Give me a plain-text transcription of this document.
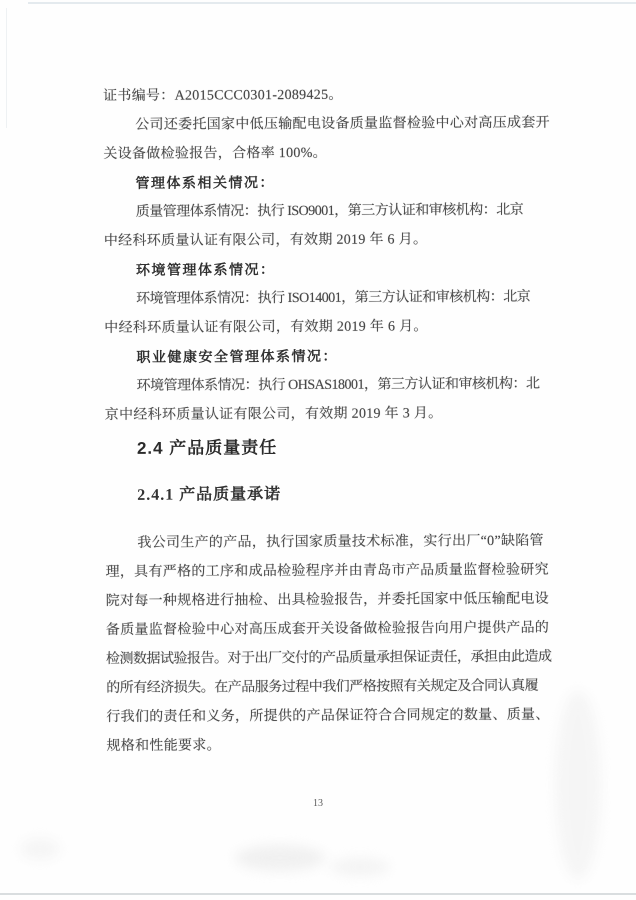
证书编号：A2015CCC0301-2089425。
公司还委托国家中低压输配电设备质量监督检验中心对高压成套开
关设备做检验报告，合格率 100%。
管理体系相关情况：
质量管理体系情况：执行 ISO9001，第三方认证和审核机构：北京
中经科环质量认证有限公司，有效期 2019 年 6 月。
环境管理体系情况：
环境管理体系情况：执行 ISO14001，第三方认证和审核机构：北京
中经科环质量认证有限公司，有效期 2019 年 6 月。
职业健康安全管理体系情况：
环境管理体系情况：执行 OHSAS18001，第三方认证和审核机构：北
京中经科环质量认证有限公司，有效期 2019 年 3 月。
2.4 产品质量责任
2.4.1 产品质量承诺
我公司生产的产品，执行国家质量技术标准，实行出厂“0”缺陷管
理，具有严格的工序和成品检验程序并由青岛市产品质量监督检验研究
院对每一种规格进行抽检、出具检验报告，并委托国家中低压输配电设
备质量监督检验中心对高压成套开关设备做检验报告向用户提供产品的
检测数据试验报告。对于出厂交付的产品质量承担保证责任，承担由此造成
的所有经济损失。在产品服务过程中我们严格按照有关规定及合同认真履
行我们的责任和义务，所提供的产品保证符合合同规定的数量、质量、
规格和性能要求。
13
